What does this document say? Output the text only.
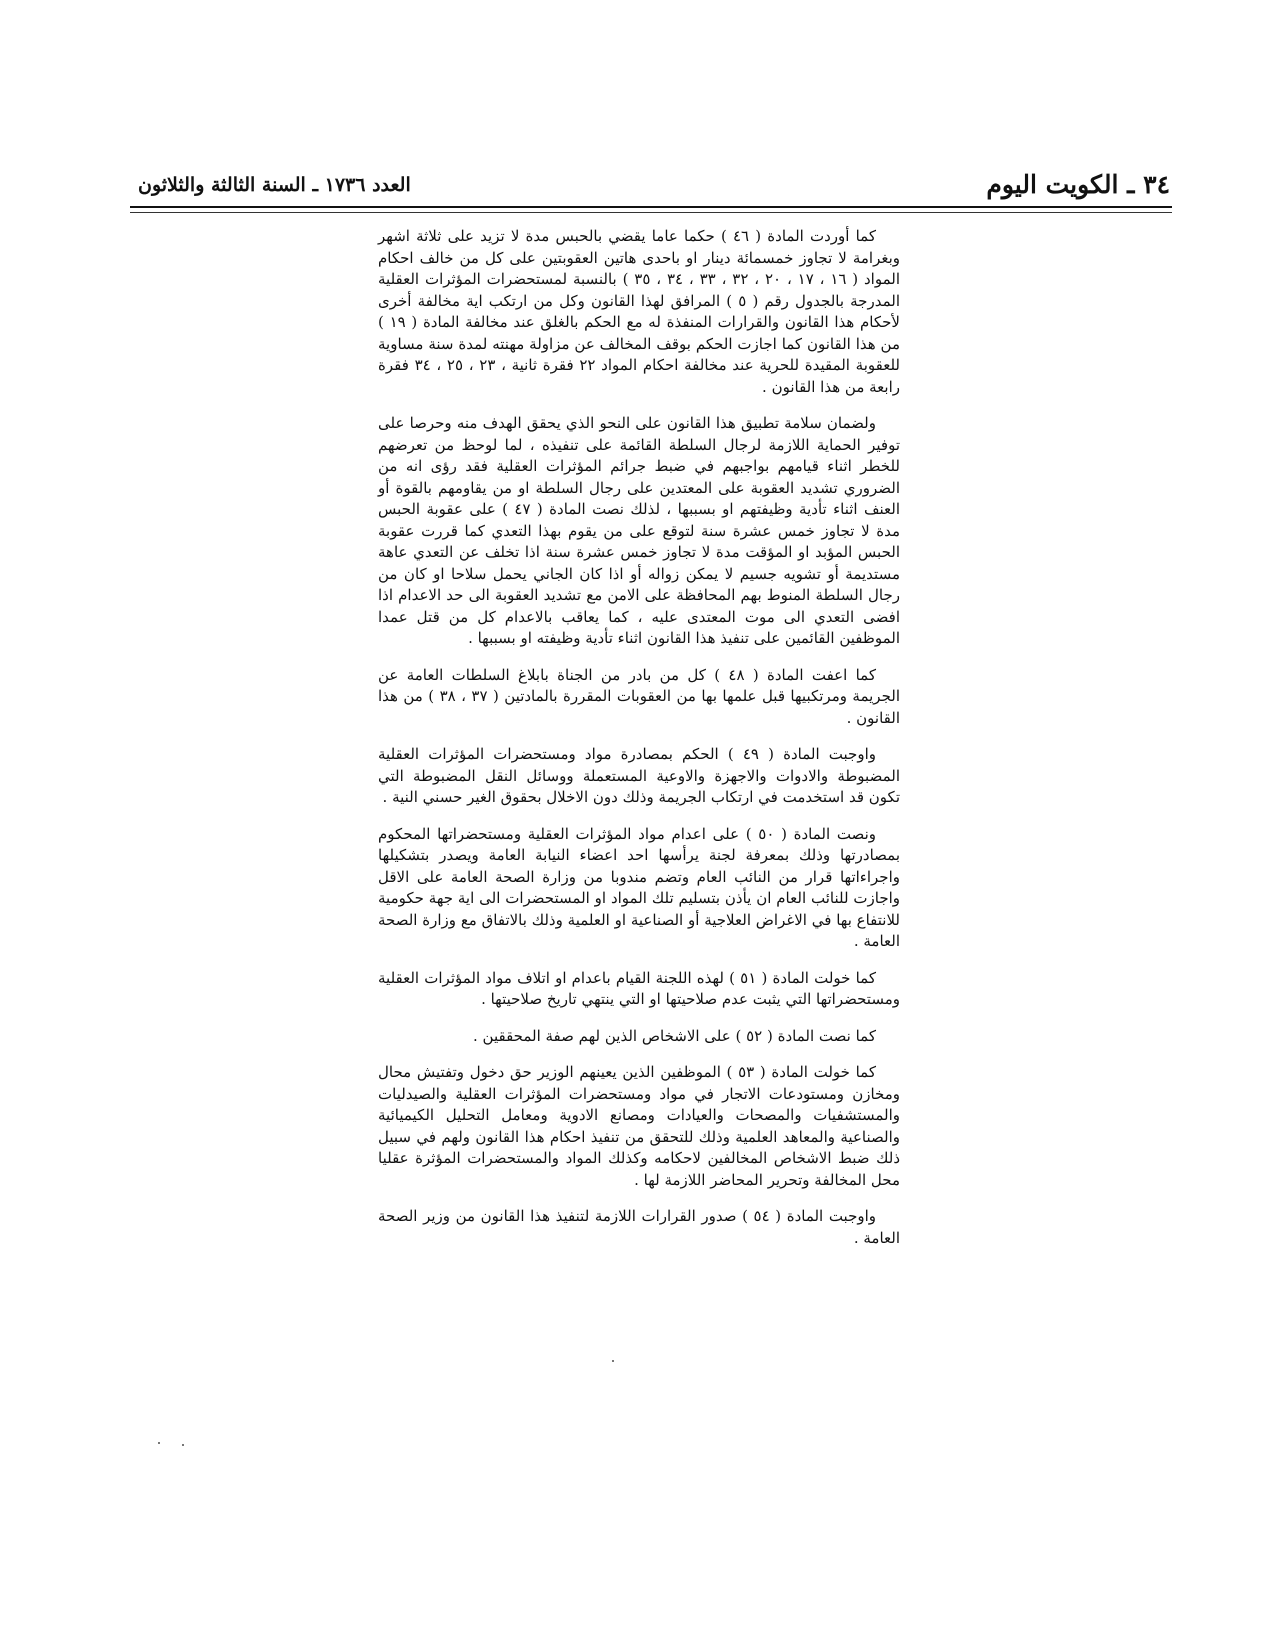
٣٤ ـ الكويت اليوم
العدد ١٧٣٦ ـ السنة الثالثة والثلاثون

كما أوردت المادة ( ٤٦ ) حكما عاما يقضي بالحبس مدة لا تزيد على ثلاثة اشهر وبغرامة لا تجاوز خمسمائة دينار او باحدى هاتين العقوبتين على كل من خالف احكام المواد ( ١٦ ، ١٧ ، ٢٠ ، ٣٢ ، ٣٣ ، ٣٤ ، ٣٥ ) بالنسبة لمستحضرات المؤثرات العقلية المدرجة بالجدول رقم ( ٥ ) المرافق لهذا القانون وكل من ارتكب اية مخالفة أخرى لأحكام هذا القانون والقرارات المنفذة له مع الحكم بالغلق عند مخالفة المادة ( ١٩ ) من هذا القانون كما اجازت الحكم بوقف المخالف عن مزاولة مهنته لمدة سنة مساوية للعقوبة المقيدة للحرية عند مخالفة احكام المواد ٢٢ فقرة ثانية ، ٢٣ ، ٢٥ ، ٣٤ فقرة رابعة من هذا القانون .

ولضمان سلامة تطبيق هذا القانون على النحو الذي يحقق الهدف منه وحرصا على توفير الحماية اللازمة لرجال السلطة القائمة على تنفيذه ، لما لوحظ من تعرضهم للخطر اثناء قيامهم بواجبهم في ضبط جرائم المؤثرات العقلية فقد رؤى انه من الضروري تشديد العقوبة على المعتدين على رجال السلطة او من يقاومهم بالقوة أو العنف اثناء تأدية وظيفتهم او بسببها ، لذلك نصت المادة ( ٤٧ ) على عقوبة الحبس مدة لا تجاوز خمس عشرة سنة لتوقع على من يقوم بهذا التعدي كما قررت عقوبة الحبس المؤبد او المؤقت مدة لا تجاوز خمس عشرة سنة اذا تخلف عن التعدي عاهة مستديمة أو تشويه جسيم لا يمكن زواله أو اذا كان الجاني يحمل سلاحا او كان من رجال السلطة المنوط بهم المحافظة على الامن مع تشديد العقوبة الى حد الاعدام اذا افضى التعدي الى موت المعتدى عليه ، كما يعاقب بالاعدام كل من قتل عمدا الموظفين القائمين على تنفيذ هذا القانون اثناء تأدية وظيفته او بسببها .

كما اعفت المادة ( ٤٨ ) كل من بادر من الجناة بابلاغ السلطات العامة عن الجريمة ومرتكبيها قبل علمها بها من العقوبات المقررة بالمادتين ( ٣٧ ، ٣٨ ) من هذا القانون .

واوجبت المادة ( ٤٩ ) الحكم بمصادرة مواد ومستحضرات المؤثرات العقلية المضبوطة والادوات والاجهزة والاوعية المستعملة ووسائل النقل المضبوطة التي تكون قد استخدمت في ارتكاب الجريمة وذلك دون الاخلال بحقوق الغير حسني النية .

ونصت المادة ( ٥٠ ) على اعدام مواد المؤثرات العقلية ومستحضراتها المحكوم بمصادرتها وذلك بمعرفة لجنة يرأسها احد اعضاء النيابة العامة ويصدر بتشكيلها واجراءاتها قرار من النائب العام وتضم مندوبا من وزارة الصحة العامة على الاقل واجازت للنائب العام ان يأذن بتسليم تلك المواد او المستحضرات الى اية جهة حكومية للانتفاع بها في الاغراض العلاجية أو الصناعية او العلمية وذلك بالاتفاق مع وزارة الصحة العامة .

كما خولت المادة ( ٥١ ) لهذه اللجنة القيام باعدام او اتلاف مواد المؤثرات العقلية ومستحضراتها التي يثبت عدم صلاحيتها او التي ينتهي تاريخ صلاحيتها .

كما نصت المادة ( ٥٢ ) على الاشخاص الذين لهم صفة المحققين .

كما خولت المادة ( ٥٣ ) الموظفين الذين يعينهم الوزير حق دخول وتفتيش محال ومخازن ومستودعات الاتجار في مواد ومستحضرات المؤثرات العقلية والصيدليات والمستشفيات والمصحات والعيادات ومصانع الادوية ومعامل التحليل الكيميائية والصناعية والمعاهد العلمية وذلك للتحقق من تنفيذ احكام هذا القانون ولهم في سبيل ذلك ضبط الاشخاص المخالفين لاحكامه وكذلك المواد والمستحضرات المؤثرة عقليا محل المخالفة وتحرير المحاضر اللازمة لها .

واوجبت المادة ( ٥٤ ) صدور القرارات اللازمة لتنفيذ هذا القانون من وزير الصحة العامة .
